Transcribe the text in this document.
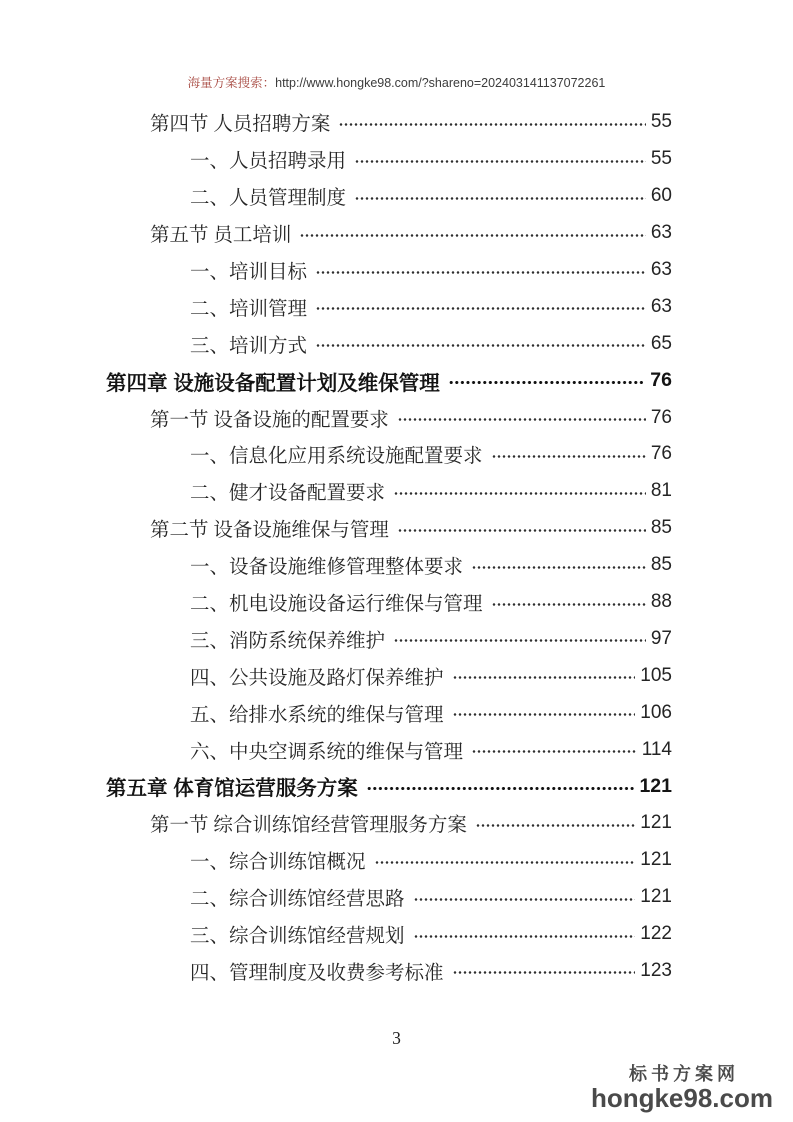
海量方案搜索：http://www.hongke98.com/?shareno=202403141137072261
第四节 人员招聘方案	55
一、人员招聘录用	55
二、人员管理制度	60
第五节 员工培训	63
一、培训目标	63
二、培训管理	63
三、培训方式	65
第四章 设施设备配置计划及维保管理	76
第一节 设备设施的配置要求	76
一、信息化应用系统设施配置要求	76
二、健才设备配置要求	81
第二节 设备设施维保与管理	85
一、设备设施维修管理整体要求	85
二、机电设施设备运行维保与管理	88
三、消防系统保养维护	97
四、公共设施及路灯保养维护	105
五、给排水系统的维保与管理	106
六、中央空调系统的维保与管理	114
第五章 体育馆运营服务方案	121
第一节 综合训练馆经营管理服务方案	121
一、综合训练馆概况	121
二、综合训练馆经营思路	121
三、综合训练馆经营规划	122
四、管理制度及收费参考标准	123
3
标书方案网
hongke98.com
